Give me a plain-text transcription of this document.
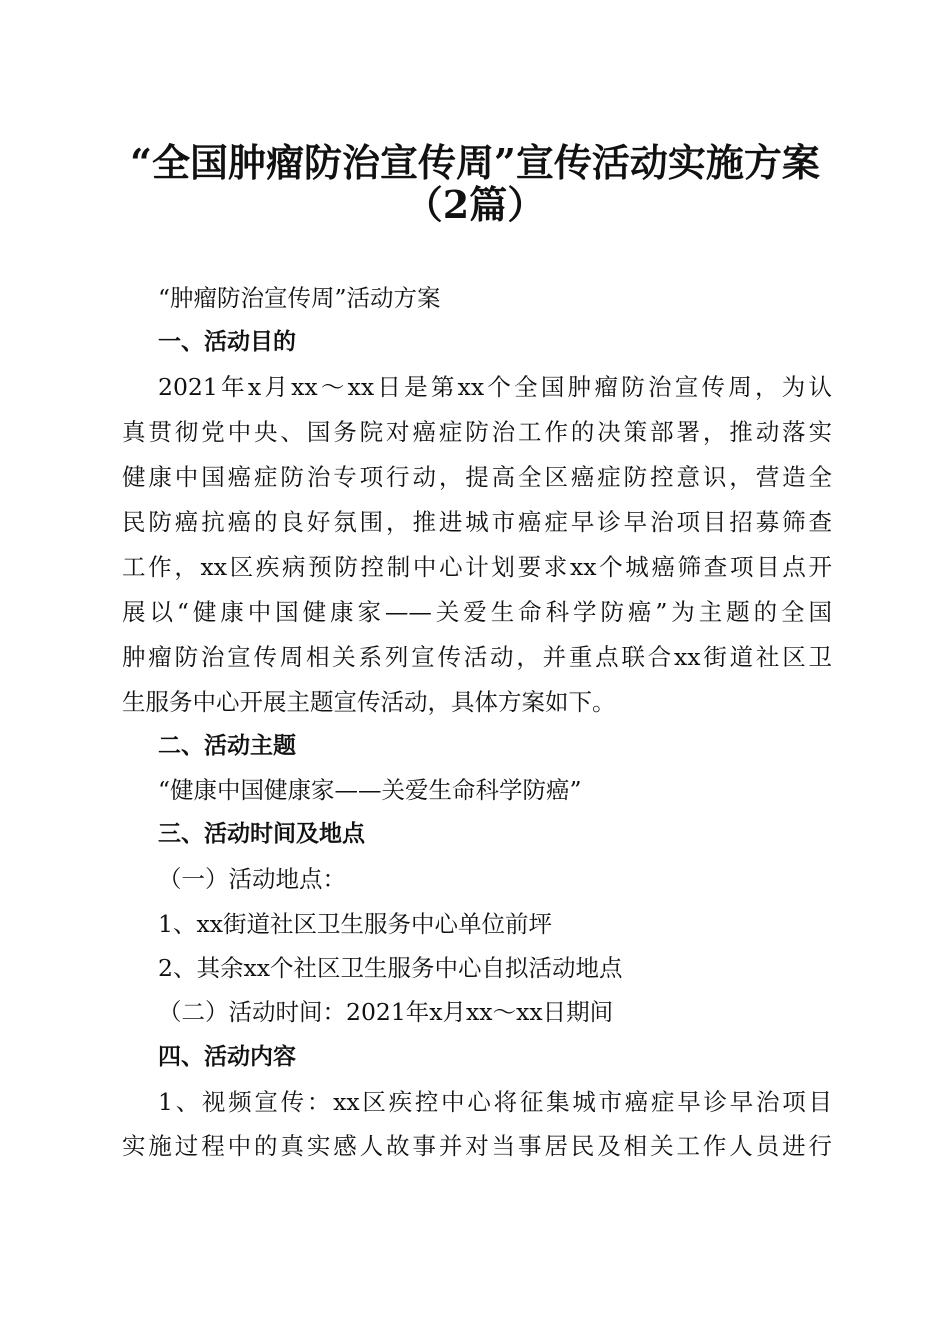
“全国肿瘤防治宣传周”宣传活动实施方案
（2篇）

“肿瘤防治宣传周”活动方案

一、活动目的

2021年x月xx～xx日是第xx个全国肿瘤防治宣传周，为认

真贯彻党中央、国务院对癌症防治工作的决策部署，推动落实

健康中国癌症防治专项行动，提高全区癌症防控意识，营造全

民防癌抗癌的良好氛围，推进城市癌症早诊早治项目招募筛查

工作，xx区疾病预防控制中心计划要求xx个城癌筛查项目点开

展以“健康中国健康家——关爱生命科学防癌”为主题的全国

肿瘤防治宣传周相关系列宣传活动，并重点联合xx街道社区卫

生服务中心开展主题宣传活动，具体方案如下。

二、活动主题

“健康中国健康家——关爱生命科学防癌”

三、活动时间及地点

（一）活动地点：

1、xx街道社区卫生服务中心单位前坪

2、其余xx个社区卫生服务中心自拟活动地点

（二）活动时间：2021年x月xx～xx日期间

四、活动内容

1、视频宣传：xx区疾控中心将征集城市癌症早诊早治项目

实施过程中的真实感人故事并对当事居民及相关工作人员进行
